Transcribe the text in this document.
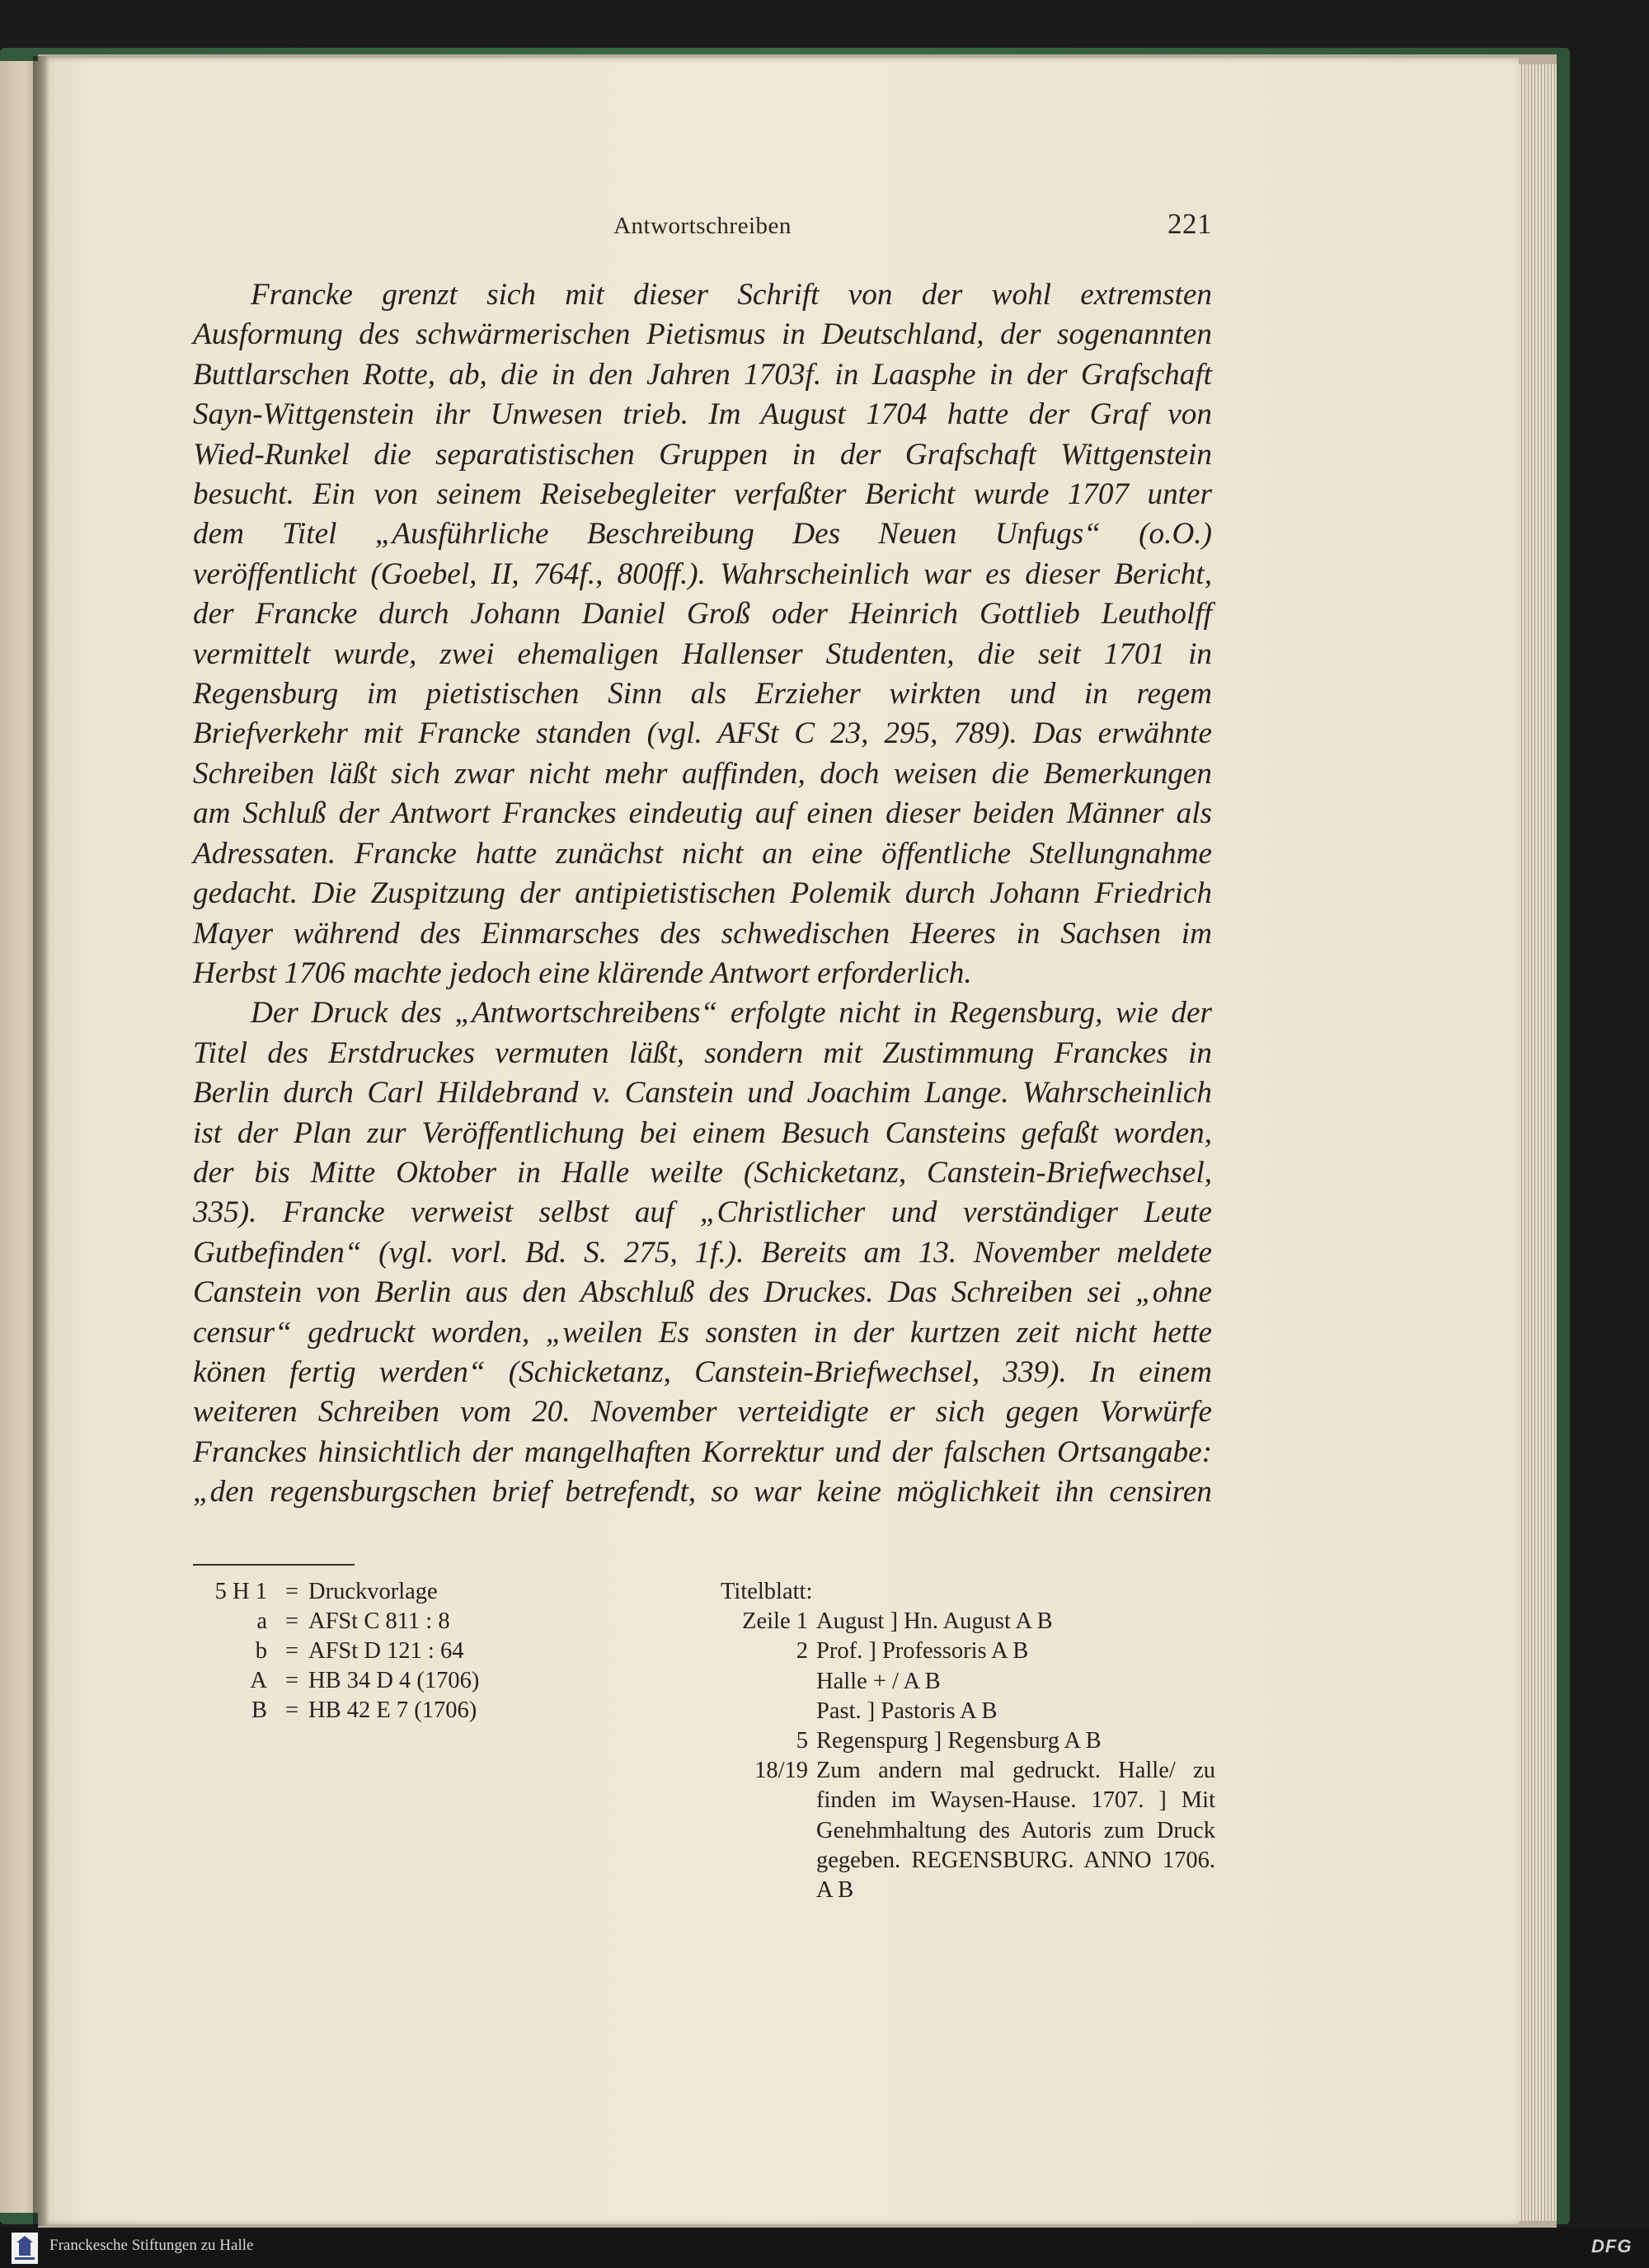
Antwortschreiben	221

Francke grenzt sich mit dieser Schrift von der wohl extremsten
Ausformung des schwärmerischen Pietismus in Deutschland, der sogenannten
Buttlarschen Rotte, ab, die in den Jahren 1703f. in Laasphe in der Grafschaft
Sayn-Wittgenstein ihr Unwesen trieb. Im August 1704 hatte der Graf von
Wied-Runkel die separatistischen Gruppen in der Grafschaft Wittgenstein
besucht. Ein von seinem Reisebegleiter verfaßter Bericht wurde 1707 unter
dem Titel „Ausführliche Beschreibung Des Neuen Unfugs“ (o.O.)
veröffentlicht (Goebel, II, 764f., 800ff.). Wahrscheinlich war es dieser Bericht,
der Francke durch Johann Daniel Groß oder Heinrich Gottlieb Leutholff
vermittelt wurde, zwei ehemaligen Hallenser Studenten, die seit 1701 in
Regensburg im pietistischen Sinn als Erzieher wirkten und in regem
Briefverkehr mit Francke standen (vgl. AFSt C 23, 295, 789). Das erwähnte
Schreiben läßt sich zwar nicht mehr auffinden, doch weisen die Bemerkungen
am Schluß der Antwort Franckes eindeutig auf einen dieser beiden Männer als
Adressaten. Francke hatte zunächst nicht an eine öffentliche Stellungnahme
gedacht. Die Zuspitzung der antipietistischen Polemik durch Johann Friedrich
Mayer während des Einmarsches des schwedischen Heeres in Sachsen im
Herbst 1706 machte jedoch eine klärende Antwort erforderlich.

Der Druck des „Antwortschreibens“ erfolgte nicht in Regensburg, wie der
Titel des Erstdruckes vermuten läßt, sondern mit Zustimmung Franckes in
Berlin durch Carl Hildebrand v. Canstein und Joachim Lange. Wahrscheinlich
ist der Plan zur Veröffentlichung bei einem Besuch Cansteins gefaßt worden,
der bis Mitte Oktober in Halle weilte (Schicketanz, Canstein-Briefwechsel,
335). Francke verweist selbst auf „Christlicher und verständiger Leute
Gutbefinden“ (vgl. vorl. Bd. S. 275, 1f.). Bereits am 13. November meldete
Canstein von Berlin aus den Abschluß des Druckes. Das Schreiben sei „ohne
censur“ gedruckt worden, „weilen Es sonsten in der kurtzen zeit nicht hette
könen fertig werden“ (Schicketanz, Canstein-Briefwechsel, 339). In einem
weiteren Schreiben vom 20. November verteidigte er sich gegen Vorwürfe
Franckes hinsichtlich der mangelhaften Korrektur und der falschen Ortsangabe:
„den regensburgschen brief betrefendt, so war keine möglichkeit ihn censiren

5 H 1	=	Druckvorlage
a	=	AFSt C 811 : 8
b	=	AFSt D 121 : 64
A	=	HB 34 D 4 (1706)
B	=	HB 42 E 7 (1706)
Titelblatt:
Zeile 1	August ] Hn. August A B
2	Prof. ] Professoris A B
	Halle + / A B
	Past. ] Pastoris A B
5	Regenspurg ] Regensburg A B
18/19	Zum andern mal gedruckt. Halle/ zu finden im Waysen-Hause. 1707. ] Mit Genehmhaltung des Autoris zum Druck gegeben. REGENSBURG. ANNO 1706. A B
Franckesche Stiftungen zu Halle	DFG
